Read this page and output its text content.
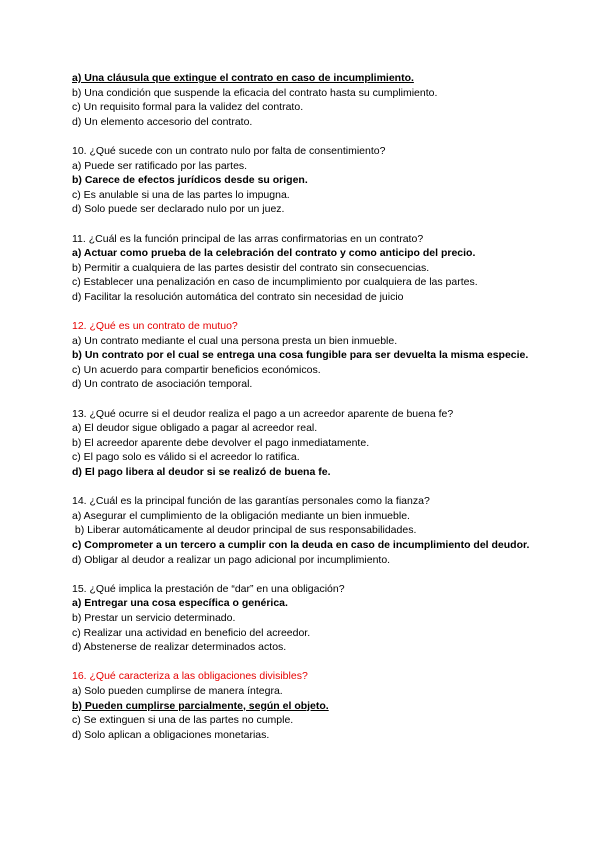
a) Una cláusula que extingue el contrato en caso de incumplimiento.
b) Una condición que suspende la eficacia del contrato hasta su cumplimiento.
c) Un requisito formal para la validez del contrato.
d) Un elemento accesorio del contrato.
10. ¿Qué sucede con un contrato nulo por falta de consentimiento?
a) Puede ser ratificado por las partes.
b) Carece de efectos jurídicos desde su origen.
c) Es anulable si una de las partes lo impugna.
d) Solo puede ser declarado nulo por un juez.
11. ¿Cuál es la función principal de las arras confirmatorias en un contrato?
a) Actuar como prueba de la celebración del contrato y como anticipo del precio.
b) Permitir a cualquiera de las partes desistir del contrato sin consecuencias.
c) Establecer una penalización en caso de incumplimiento por cualquiera de las partes.
d) Facilitar la resolución automática del contrato sin necesidad de juicio
12. ¿Qué es un contrato de mutuo?
a) Un contrato mediante el cual una persona presta un bien inmueble.
b) Un contrato por el cual se entrega una cosa fungible para ser devuelta la misma especie.
c) Un acuerdo para compartir beneficios económicos.
d) Un contrato de asociación temporal.
13. ¿Qué ocurre si el deudor realiza el pago a un acreedor aparente de buena fe?
a) El deudor sigue obligado a pagar al acreedor real.
b) El acreedor aparente debe devolver el pago inmediatamente.
c) El pago solo es válido si el acreedor lo ratifica.
d) El pago libera al deudor si se realizó de buena fe.
14. ¿Cuál es la principal función de las garantías personales como la fianza?
a) Asegurar el cumplimiento de la obligación mediante un bien inmueble.
b) Liberar automáticamente al deudor principal de sus responsabilidades.
c) Comprometer a un tercero a cumplir con la deuda en caso de incumplimiento del deudor.
d) Obligar al deudor a realizar un pago adicional por incumplimiento.
15. ¿Qué implica la prestación de “dar” en una obligación?
a) Entregar una cosa específica o genérica.
b) Prestar un servicio determinado.
c) Realizar una actividad en beneficio del acreedor.
d) Abstenerse de realizar determinados actos.
16. ¿Qué caracteriza a las obligaciones divisibles?
a) Solo pueden cumplirse de manera íntegra.
b) Pueden cumplirse parcialmente, según el objeto.
c) Se extinguen si una de las partes no cumple.
d) Solo aplican a obligaciones monetarias.
